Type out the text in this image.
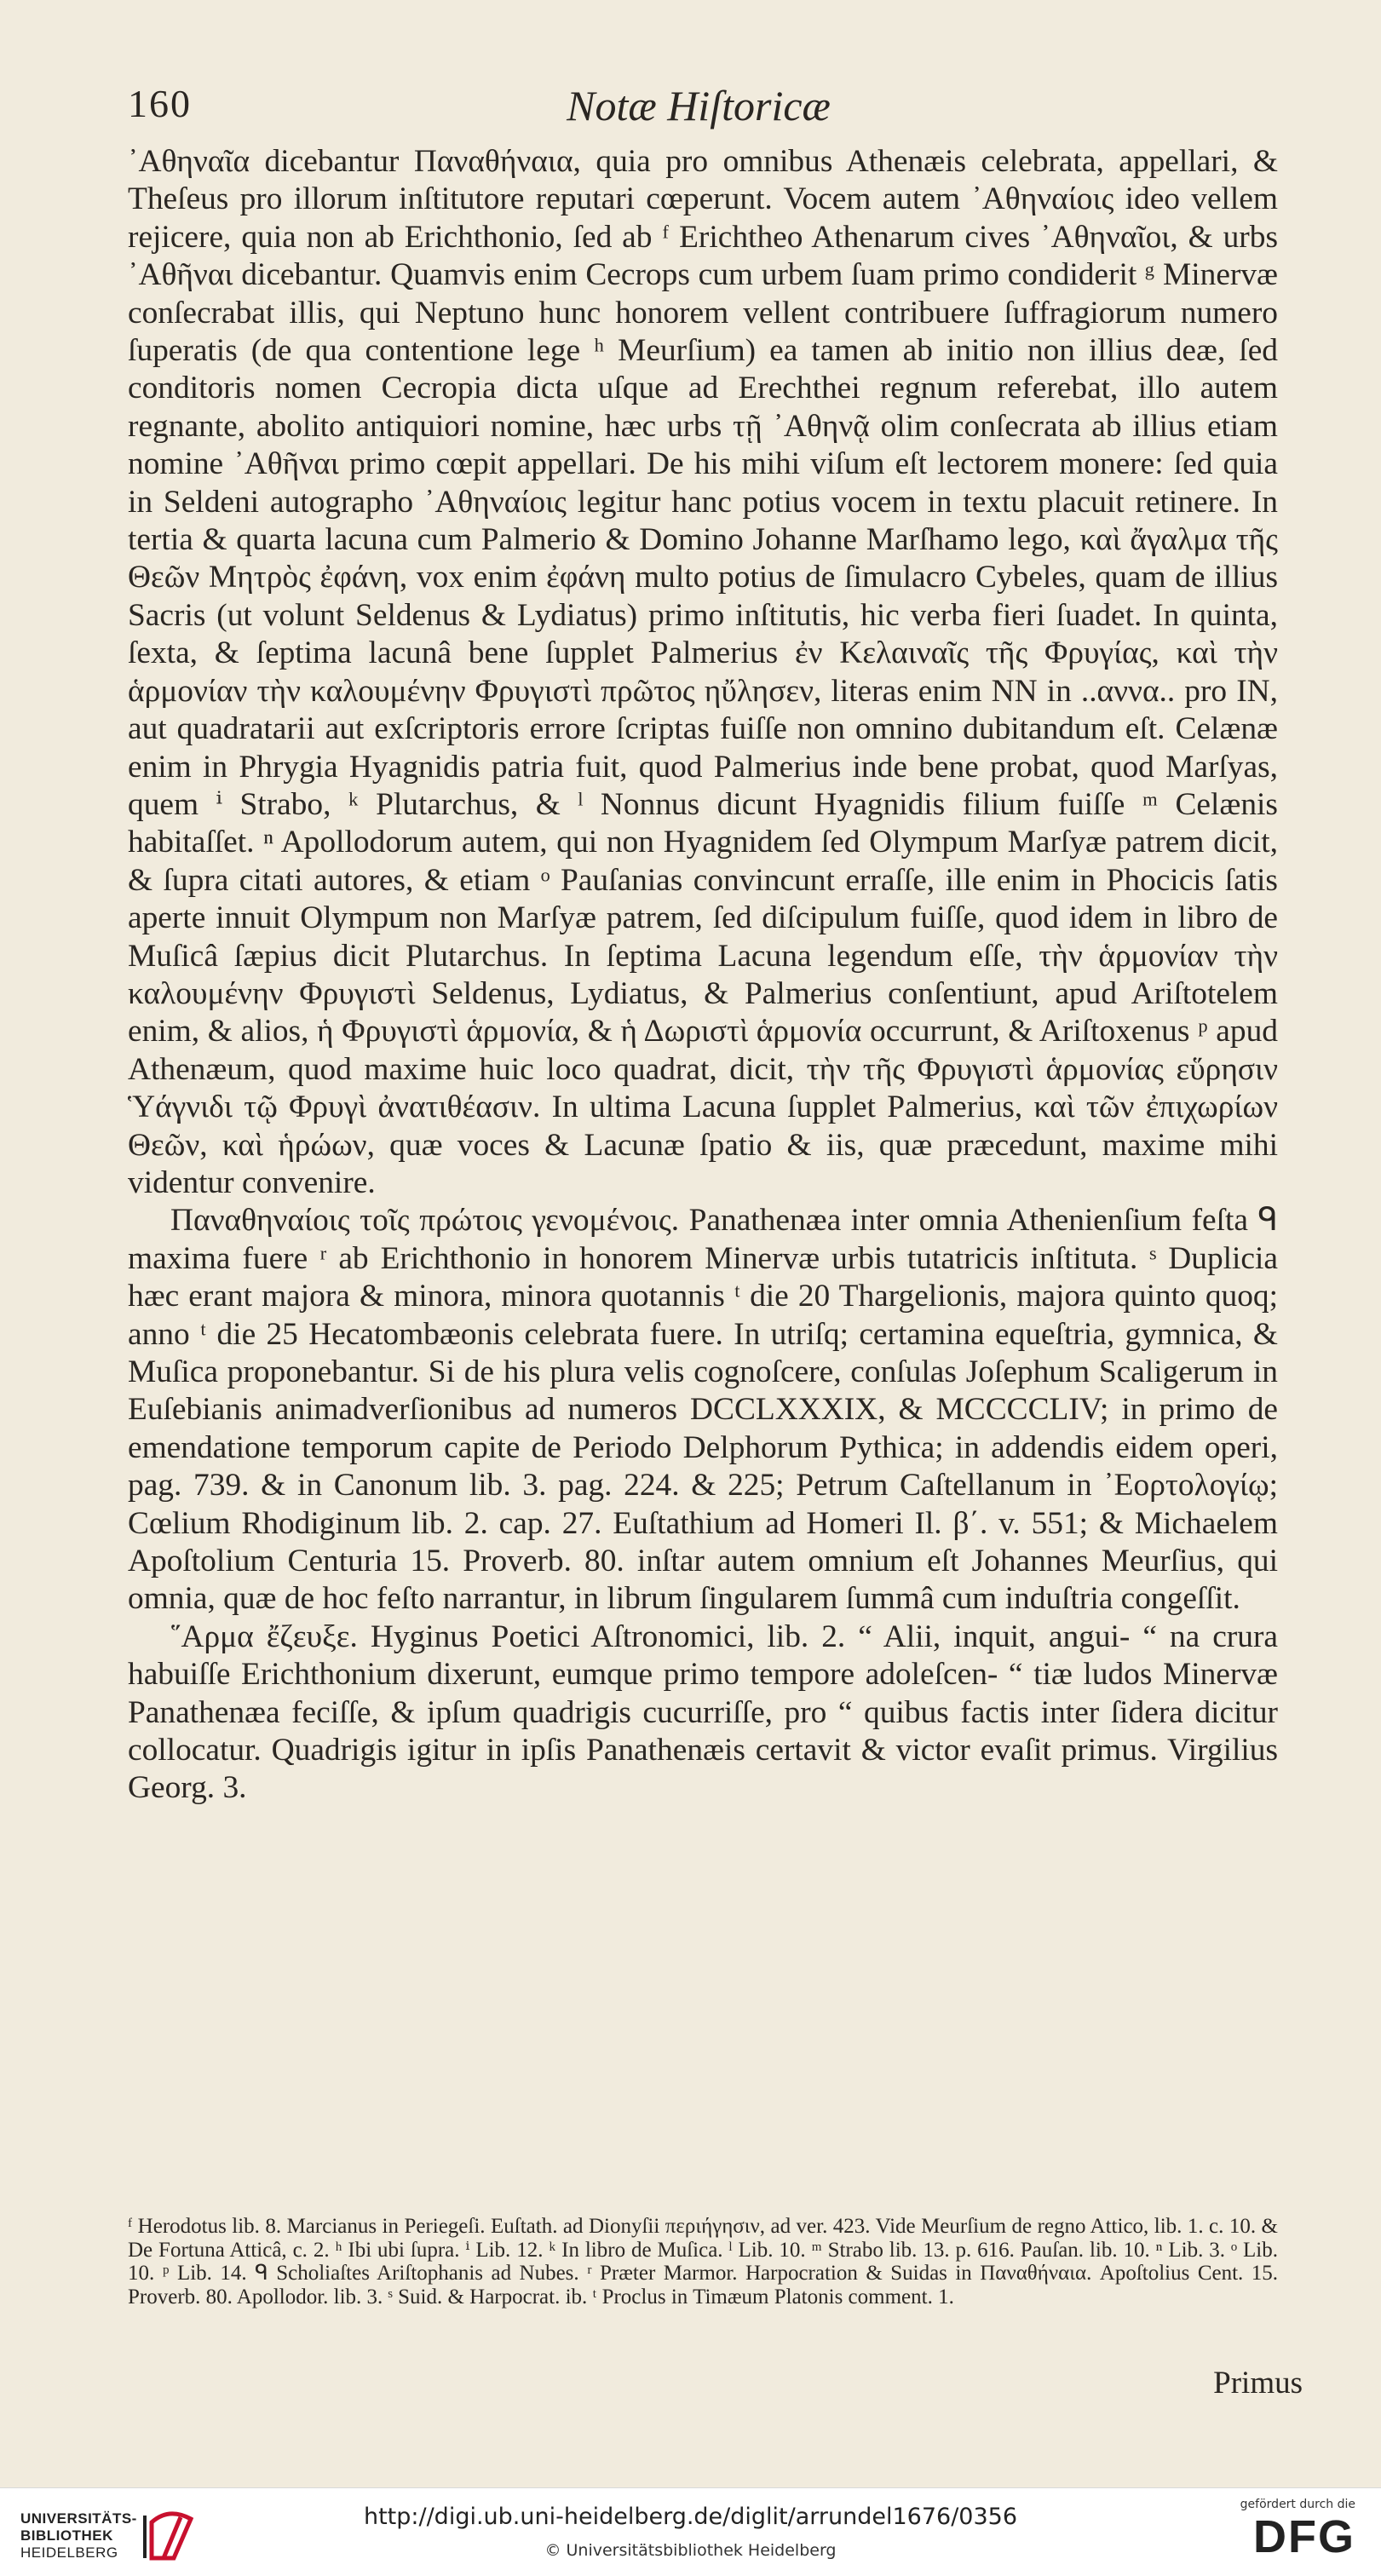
160	Notæ Hiſtoricæ

᾿Αθηναῖα dicebantur Παναθήναια, quia pro omnibus Athenæis celebrata, appellari, & Theſeus pro illorum inſtitutore reputari cœperunt. Vocem autem ᾿Αθηναίοις ideo vellem rejicere, quia non ab Erichthonio, ſed ab ᶠ Erichtheo Athenarum cives ᾿Αθηναῖοι, & urbs ᾿Αθῆναι dicebantur. Quamvis enim Cecrops cum urbem ſuam primo condiderit ᵍ Minervæ conſecrabat illis, qui Neptuno hunc honorem vellent contribuere ſuffragiorum numero ſuperatis (de qua contentione lege ʰ Meurſium) ea tamen ab initio non illius deæ, ſed conditoris nomen Cecropia dicta uſque ad Erechthei regnum referebat, illo autem regnante, abolito antiquiori nomine, hæc urbs τῇ ᾿Αθηνᾷ olim conſecrata ab illius etiam nomine ᾿Αθῆναι primo cœpit appellari. De his mihi viſum eſt lectorem monere: ſed quia in Seldeni autographo ᾿Αθηναίοις legitur hanc potius vocem in textu placuit retinere. In tertia & quarta lacuna cum Palmerio & Domino Johanne Marſhamo lego, καὶ ἄγαλμα τῆς Θεῶν Μητρὸς ἐφάνη, vox enim ἐφάνη multo potius de ſimulacro Cybeles, quam de illius Sacris (ut volunt Seldenus & Lydiatus) primo inſtitutis, hic verba fieri ſuadet. In quinta, ſexta, & ſeptima lacunâ bene ſupplet Palmerius ἐν Κελαιναῖς τῆς Φρυγίας, καὶ τὴν ἁρμονίαν τὴν καλουμένην Φρυγιστὶ πρῶτος ηὔλησεν, literas enim NN in ..αννα.. pro IN, aut quadratarii aut exſcriptoris errore ſcriptas fuiſſe non omnino dubitandum eſt. Celænæ enim in Phrygia Hyagnidis patria fuit, quod Palmerius inde bene probat, quod Marſyas, quem ⁱ Strabo, ᵏ Plutarchus, & ˡ Nonnus dicunt Hyagnidis filium fuiſſe ᵐ Celænis habitaſſet. ⁿ Apollodorum autem, qui non Hyagnidem ſed Olympum Marſyæ patrem dicit, & ſupra citati autores, & etiam ᵒ Pauſanias convincunt erraſſe, ille enim in Phocicis ſatis aperte innuit Olympum non Marſyæ patrem, ſed diſcipulum fuiſſe, quod idem in libro de Muſicâ ſæpius dicit Plutarchus. In ſeptima Lacuna legendum eſſe, τὴν ἁρμονίαν τὴν καλουμένην Φρυγιστὶ Seldenus, Lydiatus, & Palmerius conſentiunt, apud Ariſtotelem enim, & alios, ἡ Φρυγιστὶ ἁρμονία, & ἡ Δωριστὶ ἁρμονία occurrunt, & Ariſtoxenus ᵖ apud Athenæum, quod maxime huic loco quadrat, dicit, τὴν τῆς Φρυγιστὶ ἁρμονίας εὕρησιν Ὑάγνιδι τῷ Φρυγὶ ἀνατιθέασιν. In ultima Lacuna ſupplet Palmerius, καὶ τῶν ἐπιχωρίων Θεῶν, καὶ ἡρώων, quæ voces & Lacunæ ſpatio & iis, quæ præcedunt, maxime mihi videntur convenire.

Παναθηναίοις τοῖς πρώτοις γενομένοις. Panathenæa inter omnia Athenienſium feſta ᑫ maxima fuere ʳ ab Erichthonio in honorem Minervæ urbis tutatricis inſtituta. ˢ Duplicia hæc erant majora & minora, minora quotannis ᵗ die 20 Thargelionis, majora quinto quoq; anno ᵗ die 25 Hecatombæonis celebrata fuere. In utriſq; certamina equeſtria, gymnica, & Muſica proponebantur. Si de his plura velis cognoſcere, conſulas Joſephum Scaligerum in Euſebianis animadverſionibus ad numeros DCCLXXXIX, & MCCCCLIV; in primo de emendatione temporum capite de Periodo Delphorum Pythica; in addendis eidem operi, pag. 739. & in Canonum lib. 3. pag. 224. & 225; Petrum Caſtellanum in ᾿Εορτολογίῳ; Cœlium Rhodiginum lib. 2. cap. 27. Euſtathium ad Homeri Il. β΄. v. 551; & Michaelem Apoſtolium Centuria 15. Proverb. 80. inſtar autem omnium eſt Johannes Meurſius, qui omnia, quæ de hoc feſto narrantur, in librum ſingularem ſummâ cum induſtria congeſſit.

῞Αρμα ἔζευξε. Hyginus Poetici Aſtronomici, lib. 2. “ Alii, inquit, angui- “ na crura habuiſſe Erichthonium dixerunt, eumque primo tempore adoleſcen- “ tiæ ludos Minervæ Panathenæa feciſſe, & ipſum quadrigis cucurriſſe, pro “ quibus factis inter ſidera dicitur collocatur. Quadrigis igitur in ipſis Panathenæis certavit & victor evaſit primus. Virgilius Georg. 3.

ᶠ Herodotus lib. 8. Marcianus in Periegeſi. Euſtath. ad Dionyſii περιήγησιν, ad ver. 423. Vide Meurſium de regno Attico, lib. 1. c. 10. & De Fortuna Atticâ, c. 2. ʰ Ibi ubi ſupra. ⁱ Lib. 12. ᵏ In libro de Muſica. ˡ Lib. 10. ᵐ Strabo lib. 13. p. 616. Pauſan. lib. 10. ⁿ Lib. 3. ᵒ Lib. 10. ᵖ Lib. 14. ᑫ Scholiaſtes Ariſtophanis ad Nubes. ʳ Præter Marmor. Harpocration & Suidas in Παναθήναια. Apoſtolius Cent. 15. Proverb. 80. Apollodor. lib. 3. ˢ Suid. & Harpocrat. ib. ᵗ Proclus in Timæum Platonis comment. 1.
Primus
UNIVERSITÄTS-
BIBLIOTHEK
HEIDELBERG
http://digi.ub.uni-heidelberg.de/diglit/arrundel1676/0356
© Universitätsbibliothek Heidelberg
gefördert durch die
DFG
